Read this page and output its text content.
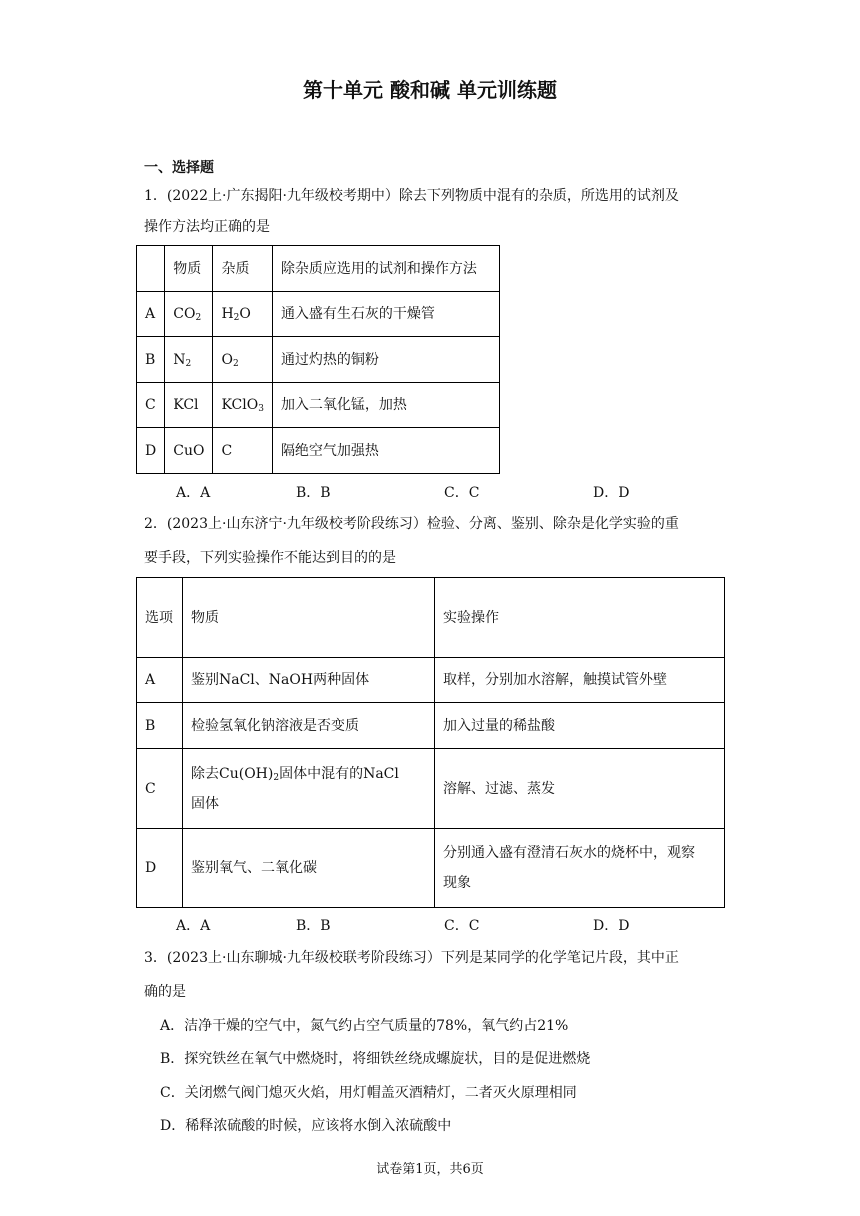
第十单元 酸和碱 单元训练题
一、选择题
1．(2022上·广东揭阳·九年级校考期中）除去下列物质中混有的杂质，所选用的试剂及
操作方法均正确的是
	物质	杂质	除杂质应选用的试剂和操作方法
A	$CO_2$	$H_2O$	通入盛有生石灰的干燥管
B	$N_2$	$O_2$	通过灼热的铜粉
C	KCl	KClO$_3$	加入二氧化锰，加热
D	CuO	C	隔绝空气加强热
A．A	B．B	C．C	D．D
2．(2023上·山东济宁·九年级校考阶段练习）检验、分离、鉴别、除杂是化学实验的重
要手段，下列实验操作不能达到目的的是
选项	物质	实验操作
A	鉴别NaCl、NaOH两种固体	取样，分别加水溶解，触摸试管外壁
B	检验氢氧化钠溶液是否变质	加入过量的稀盐酸
C	除去$Cu(OH)_2$固体中混有的NaCl
固体	溶解、过滤、蒸发
D	鉴别氧气、二氧化碳	分别通入盛有澄清石灰水的烧杯中，观察
现象
A．A	B．B	C．C	D．D
3．(2023上·山东聊城·九年级校联考阶段练习）下列是某同学的化学笔记片段，其中正
确的是
A．洁净干燥的空气中，氮气约占空气质量的78%，氧气约占21%
B．探究铁丝在氧气中燃烧时，将细铁丝绕成螺旋状，目的是促进燃烧
C．关闭燃气阀门熄灭火焰，用灯帽盖灭酒精灯，二者灭火原理相同
D．稀释浓硫酸的时候，应该将水倒入浓硫酸中
试卷第1页，共6页
